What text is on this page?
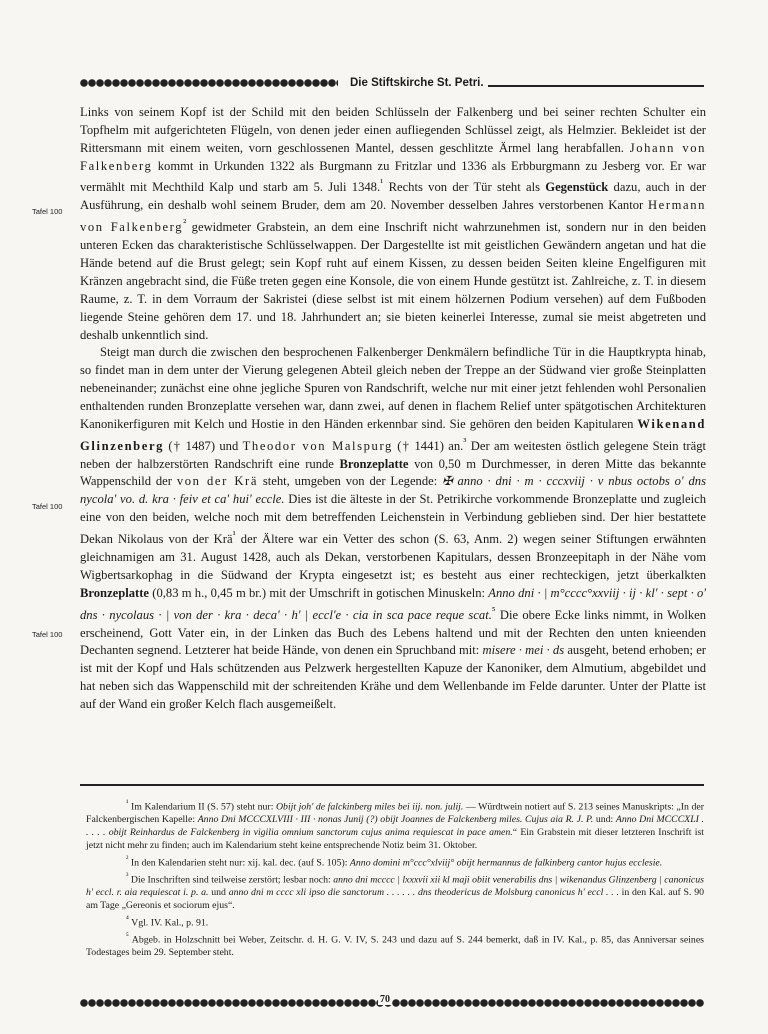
Die Stiftskirche St. Petri.
Tafel 100
Tafel 100
Tafel 100

Links von seinem Kopf ist der Schild mit den beiden Schlüsseln der Falkenberg und bei seiner rechten Schulter ein Topfhelm mit aufgerichteten Flügeln, von denen jeder einen aufliegenden Schlüssel zeigt, als Helmzier. Bekleidet ist der Rittersmann mit einem weiten, vorn geschlossenen Mantel, dessen geschlitzte Ärmel lang herabfallen. Johann von Falkenberg kommt in Urkunden 1322 als Burgmann zu Fritzlar und 1336 als Erbburgmann zu Jesberg vor. Er war vermählt mit Mechthild Kalp und starb am 5. Juli 1348.$^{^1}$ Rechts von der Tür steht als Gegenstück dazu, auch in der Ausführung, ein deshalb wohl seinem Bruder, dem am 20. November desselben Jahres verstorbenen Kantor Hermann von Falkenberg$^{^2}$ gewidmeter Grabstein, an dem eine Inschrift nicht wahrzunehmen ist, sondern nur in den beiden unteren Ecken das charakteristische Schlüsselwappen. Der Dargestellte ist mit geistlichen Gewändern angetan und hat die Hände betend auf die Brust gelegt; sein Kopf ruht auf einem Kissen, zu dessen beiden Seiten kleine Engelfiguren mit Kränzen angebracht sind, die Füße treten gegen eine Konsole, die von einem Hunde gestützt ist. Zahlreiche, z. T. in diesem Raume, z. T. in dem Vorraum der Sakristei (diese selbst ist mit einem hölzernen Podium versehen) auf dem Fußboden liegende Steine gehören dem 17. und 18. Jahrhundert an; sie bieten keinerlei Interesse, zumal sie meist abgetreten und deshalb unkenntlich sind.

Steigt man durch die zwischen den besprochenen Falkenberger Denkmälern befindliche Tür in die Hauptkrypta hinab, so findet man in dem unter der Vierung gelegenen Abteil gleich neben der Treppe an der Südwand vier große Steinplatten nebeneinander; zunächst eine ohne jegliche Spuren von Randschrift, welche nur mit einer jetzt fehlenden wohl Personalien enthaltenden runden Bronzeplatte versehen war, dann zwei, auf denen in flachem Relief unter spätgotischen Architekturen Kanonikerfiguren mit Kelch und Hostie in den Händen erkennbar sind. Sie gehören den beiden Kapitularen Wikenand Glinzenberg († 1487) und Theodor von Malspurg († 1441) an.$^{^3}$ Der am weitesten östlich gelegene Stein trägt neben der halbzerstörten Randschrift eine runde Bronzeplatte von 0,50 m Durchmesser, in deren Mitte das bekannte Wappenschild der von der Krä steht, umgeben von der Legende: ✠ anno · dni · m · cccxviij · v nbus octobs o' dns nycola' vo. d. kra · feiv et ca' hui' eccle. Dies ist die älteste in der St. Petrikirche vorkommende Bronzeplatte und zugleich eine von den beiden, welche noch mit dem betreffenden Leichenstein in Verbindung geblieben sind. Der hier bestattete Dekan Nikolaus von der Krä$^{^1}$ der Ältere war ein Vetter des schon (S. 63, Anm. 2) wegen seiner Stiftungen erwähnten gleichnamigen am 31. August 1428, auch als Dekan, verstorbenen Kapitulars, dessen Bronzeepitaph in der Nähe vom Wigbertsarkophag in die Südwand der Krypta eingesetzt ist; es besteht aus einer rechteckigen, jetzt überkalkten Bronzeplatte (0,83 m h., 0,45 m br.) mit der Umschrift in gotischen Minuskeln: Anno dni · | m°cccc°xxviij · ij · kl' · sept · o' dns · nycolaus · | von der · kra · deca' · h' | eccl'e · cia in sca pace reque scat.$^{^5}$ Die obere Ecke links nimmt, in Wolken erscheinend, Gott Vater ein, in der Linken das Buch des Lebens haltend und mit der Rechten den unten knieenden Dechanten segnend. Letzterer hat beide Hände, von denen ein Spruchband mit: misere · mei · ds ausgeht, betend erhoben; er ist mit der Kopf und Hals schützenden aus Pelzwerk hergestellten Kapuze der Kanoniker, dem Almutium, abgebildet und hat neben sich das Wappenschild mit der schreitenden Krähe und dem Wellenbande im Felde darunter. Unter der Platte ist auf der Wand ein großer Kelch flach ausgemeißelt.

$^{^1}$ Im Kalendarium II (S. 57) steht nur: Obijt joh' de falckinberg miles bei iij. non. julij. — Würdtwein notiert auf S. 213 seines Manuskripts: „In der Falckenbergischen Kapelle: Anno Dni MCCCXLVIII · III · nonas Junij (?) obijt Joannes de Falckenberg miles. Cujus aia R. J. P. und: Anno Dni MCCCXLI . . . . . obijt Reinhardus de Falckenberg in vigilia omnium sanctorum cujus anima requiescat in pace amen.“ Ein Grabstein mit dieser letzteren Inschrift ist jetzt nicht mehr zu finden; auch im Kalendarium steht keine entsprechende Notiz beim 31. Oktober.

$^{^2}$ In den Kalendarien steht nur: xij. kal. dec. (auf S. 105): Anno domini m°ccc°xlviij° obijt hermannus de falkinberg cantor hujus ecclesie.

$^{^3}$ Die Inschriften sind teilweise zerstört; lesbar noch: anno dni mcccc | lxxxvii xii kl maji obiit venerabilis dns | wikenandus Glinzenberg | canonicus h' eccl. r. aia requiescat i. p. a. und anno dni m cccc xli ipso die sanctorum . . . . . . dns theodericus de Molsburg canonicus h' eccl . . . in den Kal. auf S. 90 am Tage „Gereonis et sociorum ejus“.

$^{^4}$ Vgl. IV. Kal., p. 91.

$^{^5}$ Abgeb. in Holzschnitt bei Weber, Zeitschr. d. H. G. V. IV, S. 243 und dazu auf S. 244 bemerkt, daß in IV. Kal., p. 85, das Anniversar seines Todestages beim 29. September steht.

70
